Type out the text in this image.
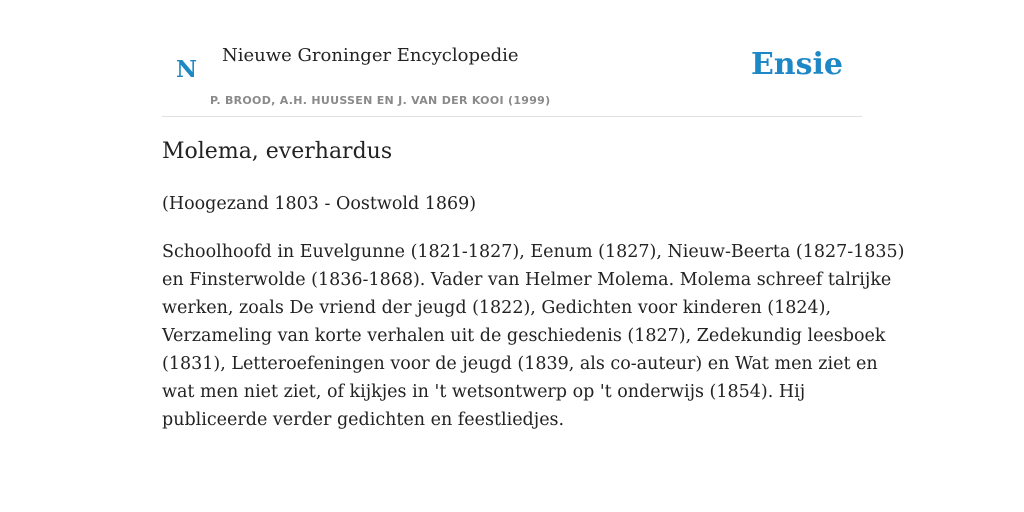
N
Nieuwe Groninger Encyclopedie
P. BROOD, A.H. HUUSSEN EN J. VAN DER KOOI (1999)
Ensie
Molema, everhardus

(Hoogezand 1803 - Oostwold 1869)

Schoolhoofd in Euvelgunne (1821-1827), Eenum (1827), Nieuw-Beerta (1827-1835)
en Finsterwolde (1836-1868). Vader van Helmer Molema. Molema schreef talrijke
werken, zoals De vriend der jeugd (1822), Gedichten voor kinderen (1824),
Verzameling van korte verhalen uit de geschiedenis (1827), Zedekundig leesboek
(1831), Letteroefeningen voor de jeugd (1839, als co-auteur) en Wat men ziet en
wat men niet ziet, of kijkjes in 't wetsontwerp op 't onderwijs (1854). Hij
publiceerde verder gedichten en feestliedjes.
